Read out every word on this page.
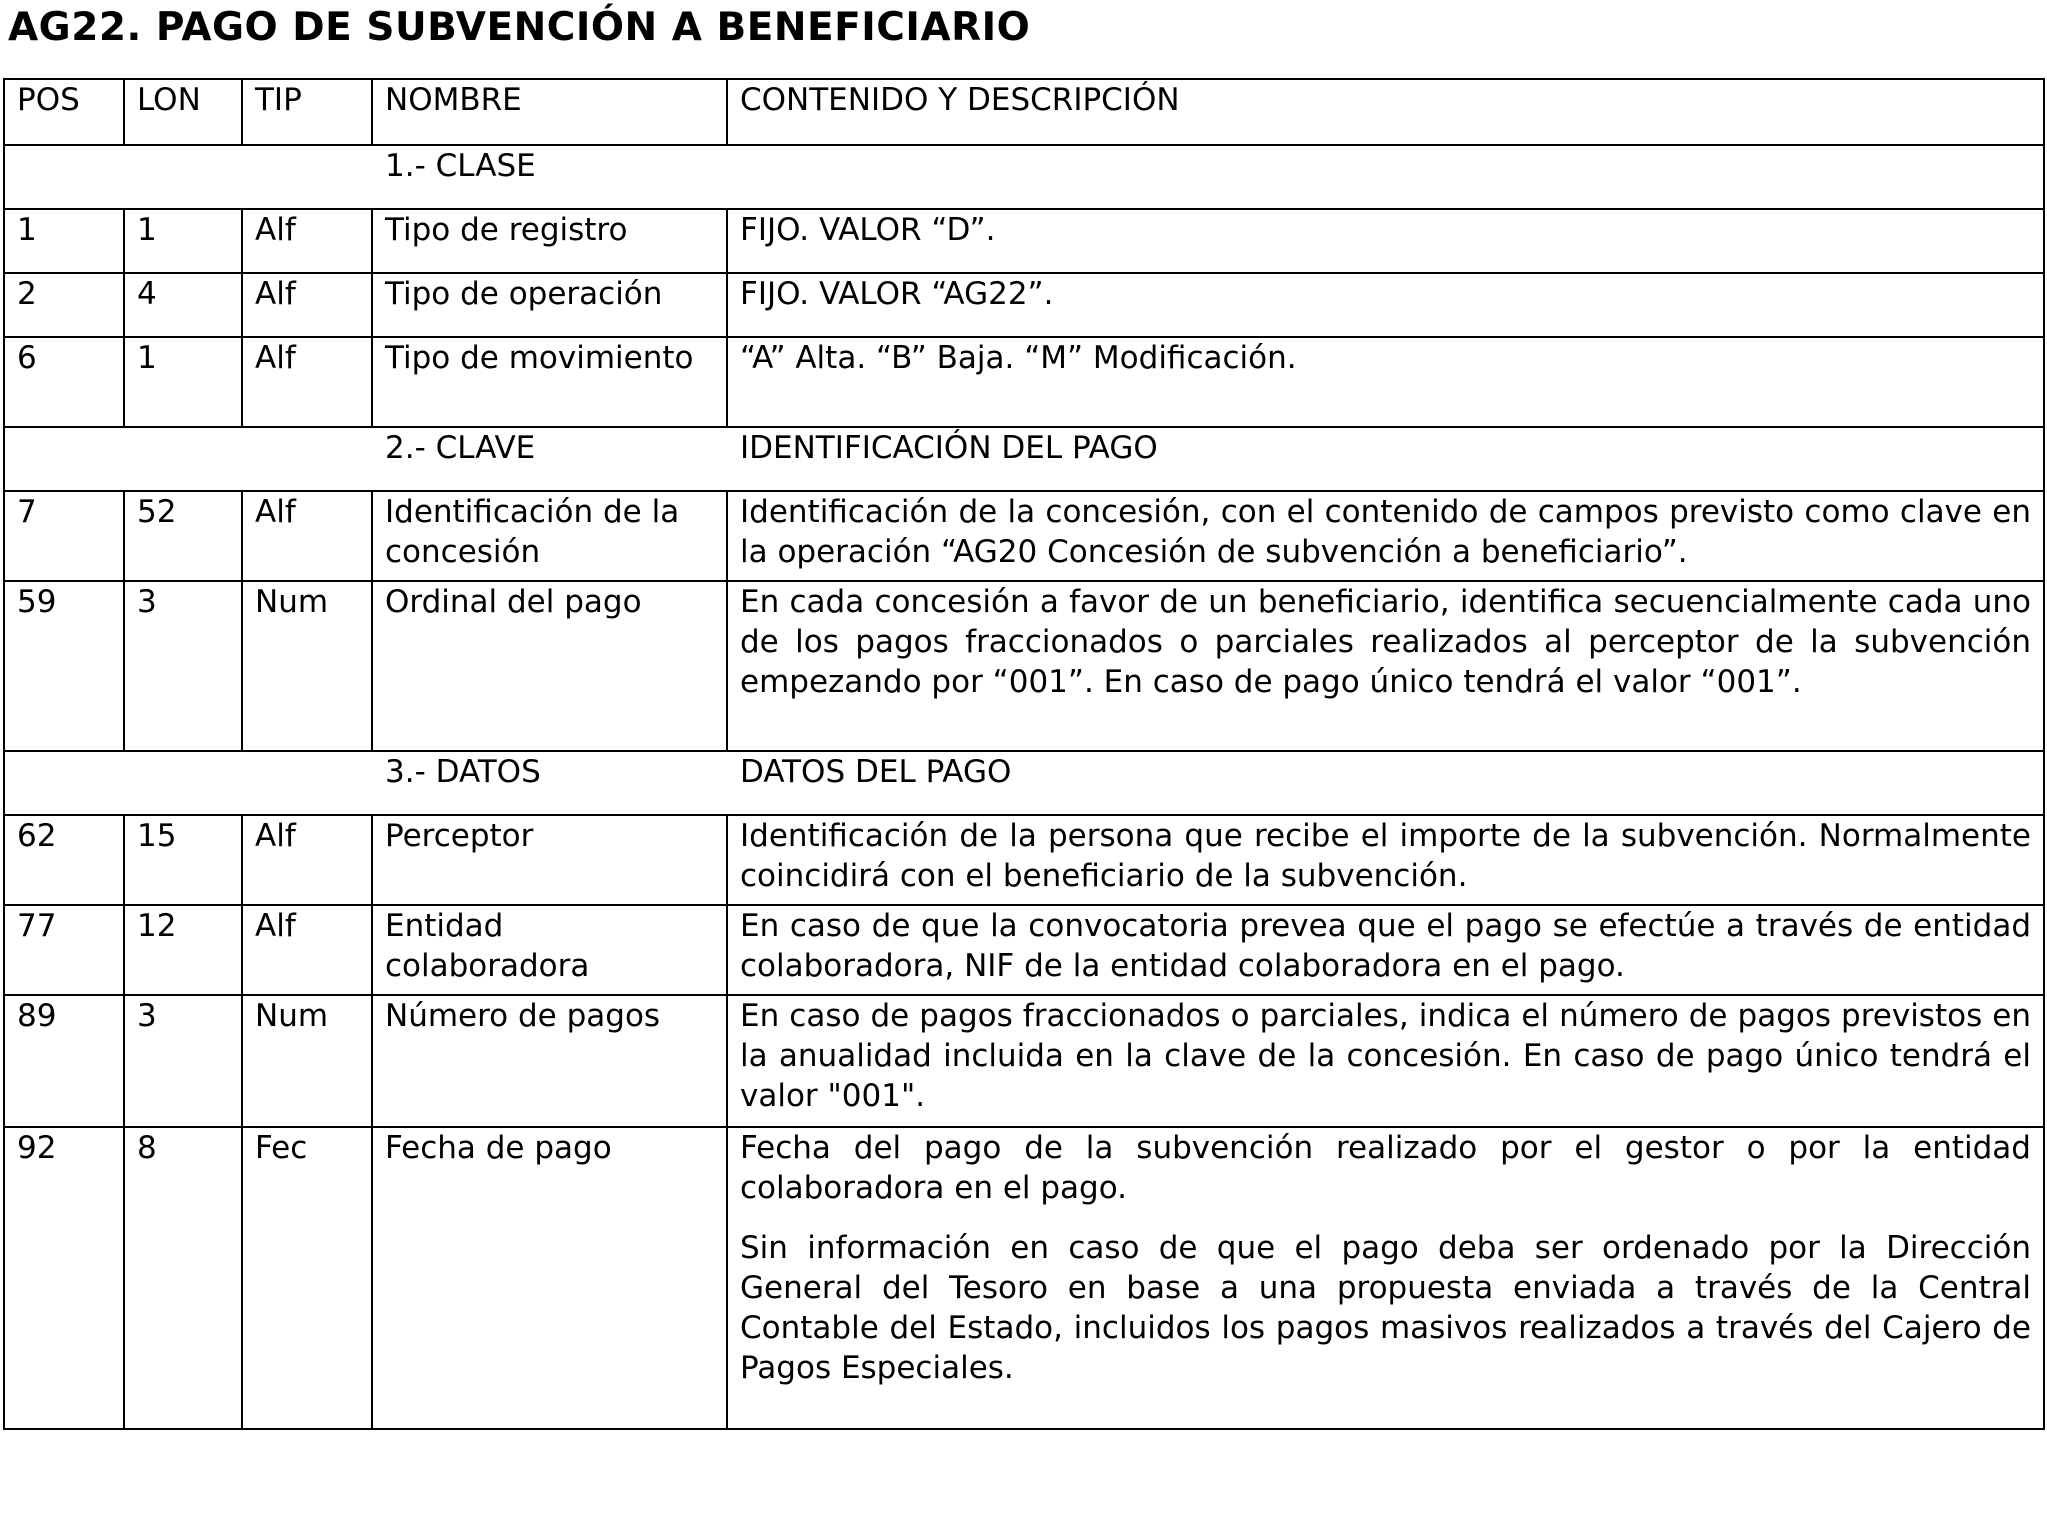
AG22. PAGO DE SUBVENCIÓN A BENEFICIARIO
POS	LON	TIP	NOMBRE	CONTENIDO Y DESCRIPCIÓN
			1.- CLASE	
1	1	Alf	Tipo de registro	FIJO. VALOR “D”.
2	4	Alf	Tipo de operación	FIJO. VALOR “AG22”.
6	1	Alf	Tipo de movimiento	“A” Alta. “B” Baja. “M” Modificación.
			2.- CLAVE	IDENTIFICACIÓN DEL PAGO
7	52	Alf	Identificación de la concesión	Identificación de la concesión, con el contenido de campos previsto como clave en la operación “AG20 Concesión de subvención a beneficiario”.
59	3	Num	Ordinal del pago	En cada concesión a favor de un beneficiario, identifica secuencialmente cada uno de los pagos fraccionados o parciales realizados al perceptor de la subvención empezando por “001”. En caso de pago único tendrá el valor “001”.
			3.- DATOS	DATOS DEL PAGO
62	15	Alf	Perceptor	Identificación de la persona que recibe el importe de la subvención. Normalmente coincidirá con el beneficiario de la subvención.
77	12	Alf	Entidad colaboradora	En caso de que la convocatoria prevea que el pago se efectúe a través de entidad colaboradora, NIF de la entidad colaboradora en el pago.
89	3	Num	Número de pagos	En caso de pagos fraccionados o parciales, indica el número de pagos previstos en la anualidad incluida en la clave de la concesión. En caso de pago único tendrá el valor "001".
92	8	Fec	Fecha de pago	Fecha del pago de la subvención realizado por el gestor o por la entidad colaboradora en el pago.

Sin información en caso de que el pago deba ser ordenado por la Dirección General del Tesoro en base a una propuesta enviada a través de la Central Contable del Estado, incluidos los pagos masivos realizados a través del Cajero de Pagos Especiales.
